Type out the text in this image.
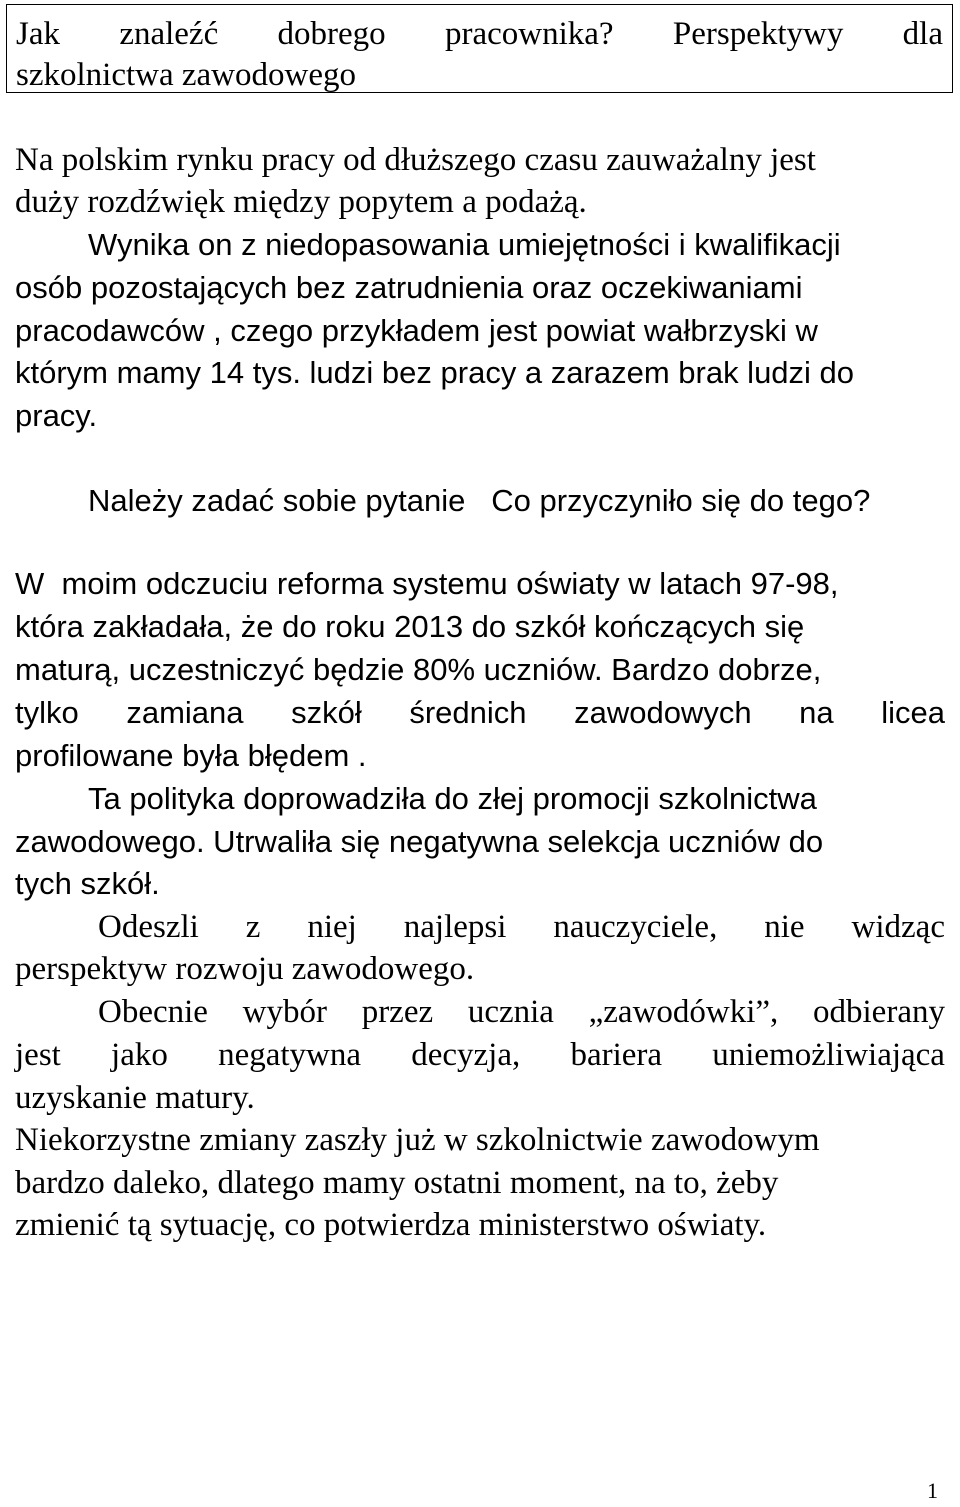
Jak znaleźć dobrego pracownika? Perspektywy dla
szkolnictwa zawodowego
Na polskim rynku pracy od dłuższego czasu zauważalny jest
duży rozdźwięk między popytem a podażą.
Wynika on z niedopasowania umiejętności i kwalifikacji
osób pozostających bez zatrudnienia oraz oczekiwaniami
pracodawców , czego przykładem jest powiat wałbrzyski w
którym mamy 14 tys. ludzi bez pracy a zarazem brak ludzi do
pracy.
Należy zadać sobie pytanie   Co przyczyniło się do tego?
W  moim odczuciu reforma systemu oświaty w latach 97-98,
która zakładała, że do roku 2013 do szkół kończących się
maturą, uczestniczyć będzie 80% uczniów. Bardzo dobrze,
tylko zamiana szkół średnich zawodowych na licea
profilowane była błędem .
Ta polityka doprowadziła do złej promocji szkolnictwa
zawodowego. Utrwaliła się negatywna selekcja uczniów do
tych szkół.
Odeszli z niej najlepsi nauczyciele, nie widząc
perspektyw rozwoju zawodowego.
Obecnie wybór przez ucznia „zawodówki”, odbierany
jest jako negatywna decyzja, bariera uniemożliwiająca
uzyskanie matury.
Niekorzystne zmiany zaszły już w szkolnictwie zawodowym
bardzo daleko, dlatego mamy ostatni moment, na to, żeby
zmienić tą sytuację, co potwierdza ministerstwo oświaty.
1
